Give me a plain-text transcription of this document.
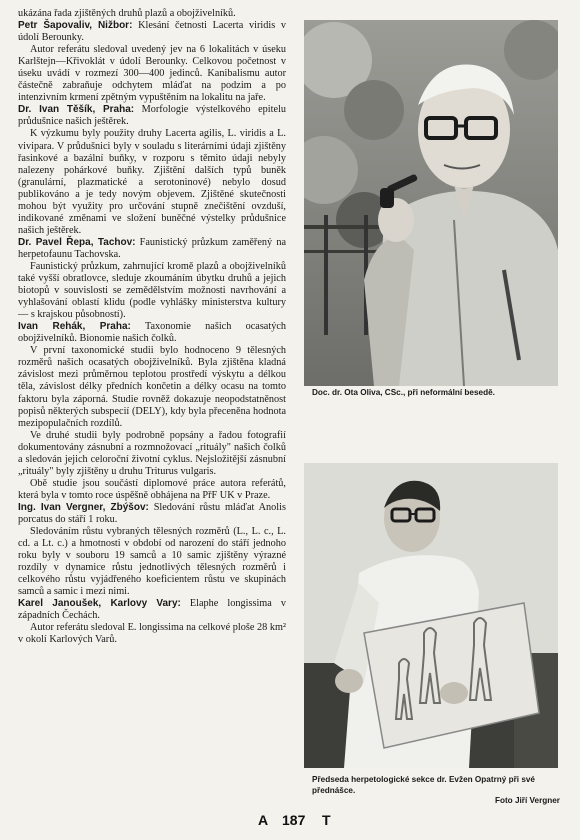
ukázána řada zjištěných druhů plazů a obojživelníků.

Petr Šapovaliv, Nižbor: Klesání četnosti Lacerta viridis v údolí Berounky.

Autor referátu sledoval uvedený jev na 6 lokalitách v úseku Karlštejn—Křivoklát v údolí Berounky. Celkovou početnost v úseku uvádí v rozmezí 300—400 jedinců. Kanibalismu autor částečně zabraňuje odchytem mláďat na podzim a po intenzivním krmení zpětným vypuštěním na lokalitu na jaře.

Dr. Ivan Těšík, Praha: Morfologie výstelkového epitelu průdušnice našich ještěrek.

K výzkumu byly použity druhy Lacerta agilis, L. viridis a L. vivipara. V průdušnici byly v souladu s literárními údaji zjištěny řasinkové a bazální buňky, v rozporu s těmito údaji nebyly nalezeny pohárkové buňky. Zjištění dalších typů buněk (granulární, plazmatické a serotoninové) nebylo dosud publikováno a je tedy novým objevem. Zjištěné skutečnosti mohou být využity pro určování stupně znečištění ovzduší, indikované změnami ve složení buněčné výstelky průdušnice našich ještěrek.

Dr. Pavel Řepa, Tachov: Faunistický průzkum zaměřený na herpetofaunu Tachovska.

Faunistický průzkum, zahrnující kromě plazů a obojživelníků také vyšší obratlovce, sleduje zkoumáním úbytku druhů a jejich biotopů v souvislosti se zemědělstvím možnosti navrhování a vyhlašování oblastí klidu (podle vyhlášky ministerstva kultury — s krajskou působností).

Ivan Rehák, Praha: Taxonomie našich ocasatých obojživelníků. Bionomie našich čolků.

V první taxonomické studii bylo hodnoceno 9 tělesných rozměrů našich ocasatých obojživelníků. Byla zjištěna kladná závislost mezi průměrnou teplotou prostředí výskytu a délkou těla, závislost délky předních končetin a délky ocasu na tomto faktoru byla záporná. Studie rovněž dokazuje neopodstatněnost popisů některých subspecií (DELY), kdy byla přeceněna hodnota mezipopulačních rozdílů.

Ve druhé studii byly podrobně popsány a řadou fotografií dokumentovány zásnubní a rozmnožovací „rituály" našich čolků a sledován jejich celoroční životní cyklus. Nejsložitější zásnubní „rituály" byly zjištěny u druhu Triturus vulgaris.

Obě studie jsou součástí diplomové práce autora referátů, která byla v tomto roce úspěšně obhájena na PřF UK v Praze.

Ing. Ivan Vergner, Zbýšov: Sledování růstu mláďat Anolis porcatus do stáří 1 roku.

Sledováním růstu vybraných tělesných rozměrů (L., L. c., L. cd. a Lt. c.) a hmotnosti v období od narození do stáří jednoho roku byly v souboru 19 samců a 10 samic zjištěny výrazné rozdíly v dynamice růstu jednotlivých tělesných rozměrů i celkového růstu vyjádřeného koeficientem růstu ve skupinách samců a samic i mezi nimi.

Karel Janoušek, Karlovy Vary: Elaphe longissima v západních Čechách.

Autor referátu sledoval E. longissima na celkové ploše 28 km² v okolí Karlových Varů.

Doc. dr. Ota Oliva, CSc., při neformální besedě.
Předseda herpetologické sekce dr. Evžen Opatrný při své přednášce.
Foto Jiří Vergner
A 187 T
